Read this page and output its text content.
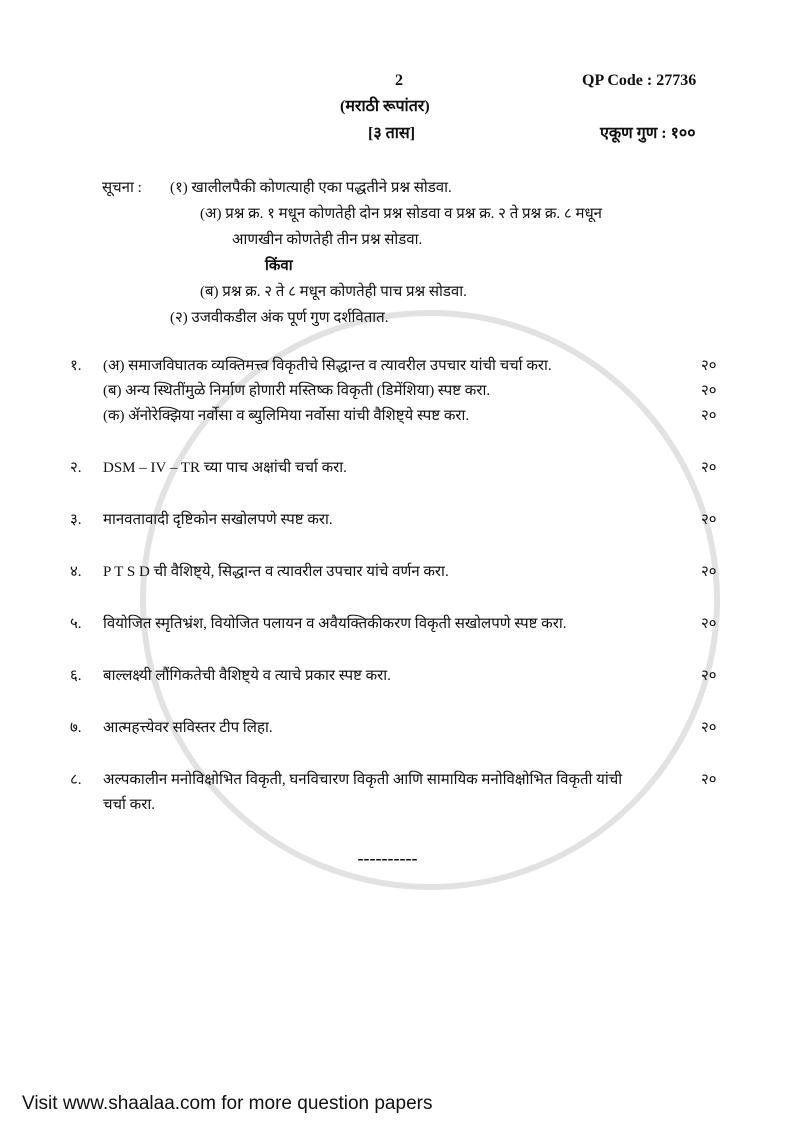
2	QP Code : 27736
(मराठी रूपांतर)
[३ तास]	एकूण गुण : १००
सूचना :	(१) खालीलपैकी कोणत्याही एका पद्धतीने प्रश्न सोडवा.
(अ) प्रश्न क्र. १ मधून कोणतेही दोन प्रश्न सोडवा व प्रश्न क्र. २ ते प्रश्न क्र. ८ मधून
आणखीन कोणतेही तीन प्रश्न सोडवा.
किंवा
(ब) प्रश्न क्र. २ ते ८ मधून कोणतेही पाच प्रश्न सोडवा.
(२) उजवीकडील अंक पूर्ण गुण दर्शवितात.
१.	(अ) समाजविघातक व्यक्तिमत्त्व विकृतीचे सिद्धान्त व त्यावरील उपचार यांची चर्चा करा.	२०
(ब) अन्य स्थितींमुळे निर्माण होणारी मस्तिष्क विकृती (डिमेंशिया) स्पष्ट करा.	२०
(क) ॲनोरेक्झिया नर्वोसा व ब्युलिमिया नर्वोसा यांची वैशिष्ट्ये स्पष्ट करा.	२०
२.	DSM – IV – TR च्या पाच अक्षांची चर्चा करा.	२०
३.	मानवतावादी दृष्टिकोन सखोलपणे स्पष्ट करा.	२०
४.	P T S D ची वैशिष्ट्ये, सिद्धान्त व त्यावरील उपचार यांचे वर्णन करा.	२०
५.	वियोजित स्मृतिभ्रंश, वियोजित पलायन व अवैयक्तिकीकरण विकृती सखोलपणे स्पष्ट करा.	२०
६.	बाल्लक्ष्यी लौंगिकतेची वैशिष्ट्ये व त्याचे प्रकार स्पष्ट करा.	२०
७.	आत्महत्त्येवर सविस्तर टीप लिहा.	२०
८.	अल्पकालीन मनोविक्षोभित विकृती, घनविचारण विकृती आणि सामायिक मनोविक्षोभित विकृती यांची
चर्चा करा.
२०
----------
Visit www.shaalaa.com for more question papers
